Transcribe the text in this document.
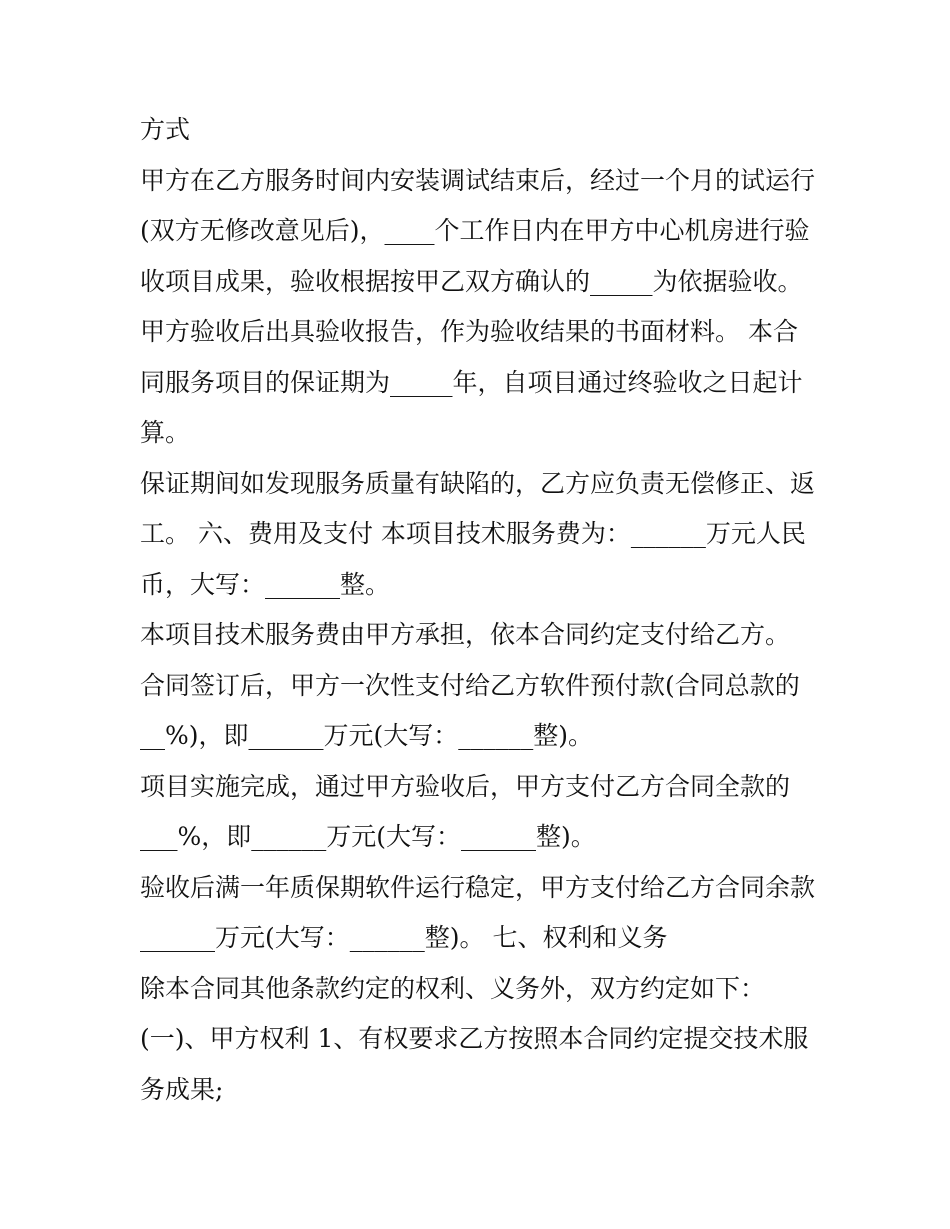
方式
甲方在乙方服务时间内安装调试结束后，经过一个月的试运行
(双方无修改意见后)，____个工作日内在甲方中心机房进行验
收项目成果，验收根据按甲乙双方确认的_____为依据验收。
甲方验收后出具验收报告，作为验收结果的书面材料。 本合
同服务项目的保证期为_____年，自项目通过终验收之日起计
算。
保证期间如发现服务质量有缺陷的，乙方应负责无偿修正、返
工。 六、费用及支付 本项目技术服务费为：______万元人民
币，大写：______整。
本项目技术服务费由甲方承担，依本合同约定支付给乙方。
合同签订后，甲方一次性支付给乙方软件预付款(合同总款的
__%)，即______万元(大写：______整)。
项目实施完成，通过甲方验收后，甲方支付乙方合同全款的
___%，即______万元(大写：______整)。
验收后满一年质保期软件运行稳定，甲方支付给乙方合同余款
______万元(大写：______整)。 七、权利和义务
除本合同其他条款约定的权利、义务外，双方约定如下：
(一)、甲方权利 1、有权要求乙方按照本合同约定提交技术服
务成果;
